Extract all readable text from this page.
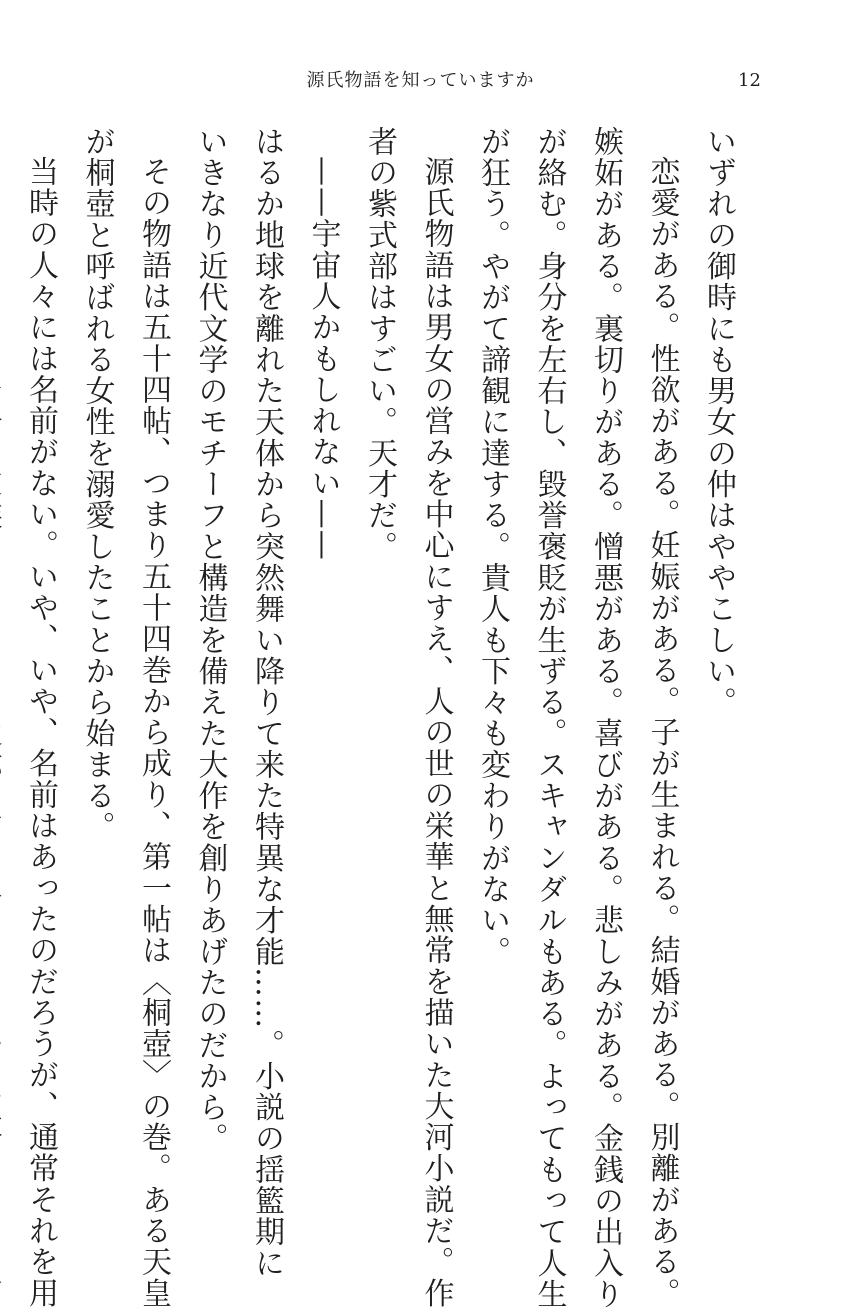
源氏物語を知っていますか	12
いずれの御時にも男女の仲はややこしい。
恋愛がある。性欲がある。妊娠がある。子が生まれる。結婚がある。別離がある。
嫉妬がある。裏切りがある。憎悪がある。喜びがある。悲しみがある。金銭の出入り
が絡む。身分を左右し、毀誉褒貶が生ずる。スキャンダルもある。よってもって人生
が狂う。やがて諦観に達する。貴人も下々も変わりがない。
源氏物語は男女の営みを中心にすえ、人の世の栄華と無常を描いた大河小説だ。作
者の紫式部はすごい。天才だ。
——宇宙人かもしれない——
はるか地球を離れた天体から突然舞い降りて来た特異な才能……。小説の揺籃期に
いきなり近代文学のモチーフと構造を備えた大作を創りあげたのだから。
その物語は五十四帖、つまり五十四巻から成り、第一帖は〈桐壺〉の巻。ある天皇
が桐壺と呼ばれる女性を溺愛したことから始まる。
当時の人々には名前がない。いや、いや、名前はあったのだろうが、通常それを用
